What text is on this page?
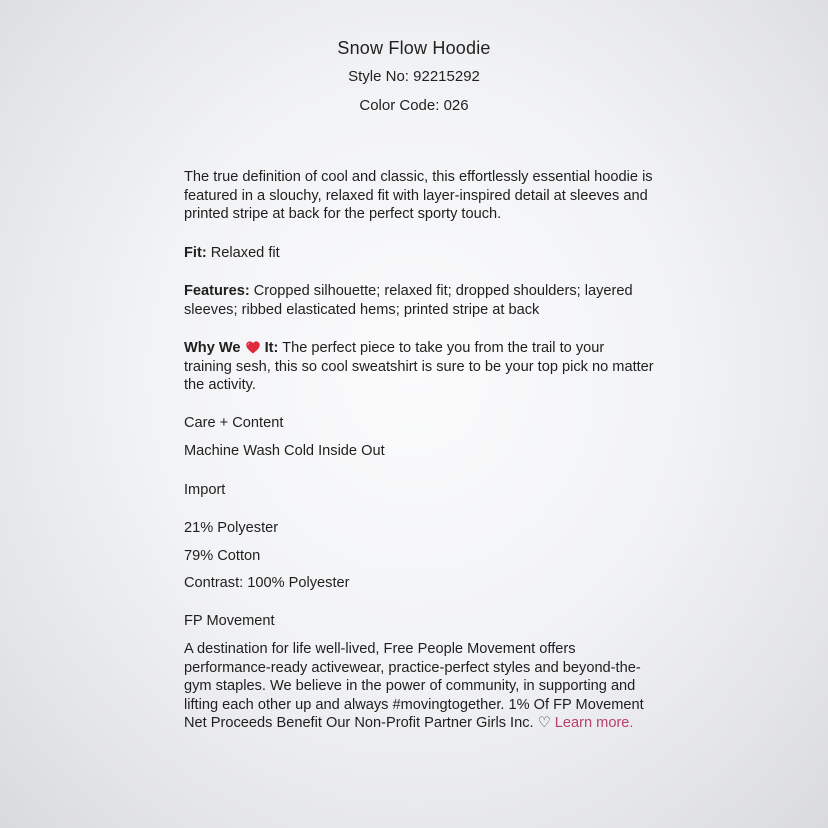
Snow Flow Hoodie

Style No: 92215292

Color Code: 026

The true definition of cool and classic, this effortlessly essential hoodie is featured in a slouchy, relaxed fit with layer-inspired detail at sleeves and printed stripe at back for the perfect sporty touch.

Fit: Relaxed fit

Features: Cropped silhouette; relaxed fit; dropped shoulders; layered sleeves; ribbed elasticated hems; printed stripe at back

Why We
It: The perfect piece to take you from the trail to your training sesh, this so cool sweatshirt is sure to be your top pick no matter the activity.

Care + Content

Machine Wash Cold Inside Out

Import

21% Polyester

79% Cotton

Contrast: 100% Polyester

FP Movement

A destination for life well-lived, Free People Movement offers performance-ready activewear, practice-perfect styles and beyond-the-gym staples. We believe in the power of community, in supporting and lifting each other up and always #movingtogether. 1% Of FP Movement Net Proceeds Benefit Our Non-Profit Partner Girls Inc. ♡ Learn more.
